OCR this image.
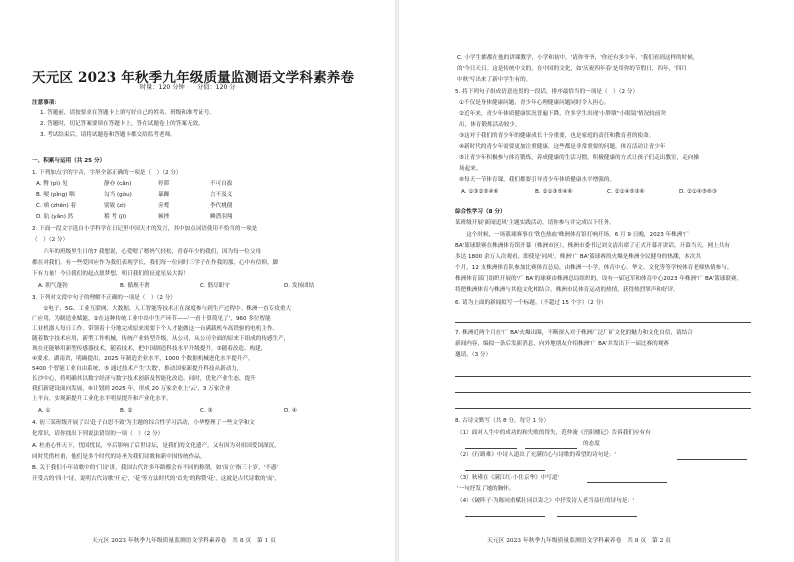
天元区 2023 年秋季九年级质量监测语文学科素养卷
时量：120 分钟　　分值：120 分
注意事项：
1. 答题前，请按要求在答题卡上填写好自己的姓名、班级和准考证号。
2. 答题时，切记答案要填在答题卡上，答在试题卷上的答案无效。
3. 考试结束后，请将试题卷和答题卡都交给监考老师。
一、积累与运用（共 25 分）
1. 下列加点字的字音，字形全部正确的一项是（　）（2 分）
A. 臀 (pì) 见	静亦 (cǎn)	停滞	不可自拔
B. 哽 (pǐng) 咽	勾当 (gòu)	暴躁	言不及义
C. 嗔 (zhēn) 着	别致 (zì)	旁鹜	李代桃僵
D. 肮 (yǎn) 然	稽 考 (jī)	顿挫	鳞潜羽翔
2. 下面一段文字选自小学科学在日记里中国天才的发言，其中加点词语使用不恰当的一项是
（　）（2 分）
　　六年的班级里生日的7 我想说，心爱嗯了嗯妈气轻松，青春年少的我们，因为每一位父母
都在对我们。有一些爱回应作为我们表现学长，我们每一位同时三学子在作我的那，心中有信仰，脚
下有力量！今日我们的起点愿梦想，明日我们的征途星辰大海！
A. 朝气蓬勃	B. 循规不奢	C. 偕尽职守	D. 发扬团结
3. 下列对文段中句子的理解不正确的一项是（　）（2 分）
　　①电子、5G、工业互联网、大数据、人工智能等技术正在深度参与到生产过程中。株洲一直专攻重大
广应用，为制造业赋能，②在这种传统工业中出中生产环节——'一看十算简见了'，960 多位智能
工业机器人每日工作，带领着十分地完成原来需要下个人才能做这一台满载机车高铁驱的电机主作。
随着数字技术应用，新型工作机械，传统产业转型升级，从公司，从公司全面的原来下组成的传感生产，
现在还能够用新型传感器技术，随着技术，把中国制造科技水平升级提升，③随着改造、构建，
④要求，湖南省，明确提出，2025 年制造企业水平，1000 个数据机械进化水平提升产，
5400 个智能工业自由系统，⑤ 通过技术产生'大数'，推动国家新提升科技从新动力，
长沙中心，将明确其以数字经济与数字技术创新及智能化改造、同时，优化产业生态，提升
我们新建设面向发展，⑥计划到 2025 年，形成 20 万家企业上'云'，3 万家企业
上平台，实现新提升工业化水平明显提升和产业化水平。
A. ①	B. ②	C. ③	D. ④
4. 初三某班级开展了以'赴子白思不致'为主题的综合性学习活动，小华整理了一些文学和文
化常识，请你找出下列说法错误的一项（　）（2 分）
A. 杜甫心怀天下，忧国忧民，卒后影响了后世诗坛，是我们的文化遗产，又有因为对祖国爱国深沉，
同时凭借杜甫，他们是多个时代的诗圣为我们诗歌和新中国传统作品。
B. 关于我们小年诗歌中的'门诗'讲，我国古代许多年龄都会有不同的称谓。如'而立'指三十岁，'不惑'
开受古的'四十'诗，说明古代诗歌'开元'，'花'等方法时代的'首先'的称赞'花'，这就是古代诗歌的'而'，
天元区 2023 年秋季九年级质量监测语文学科素养卷　共 8 页　第 1 页
C. 小学生都都在他的讲课教学，小学和初中，'请你爷爷，'你还有多少年，'我们看到这样的时候，
的'今日天日。这是传统中文的，在中国的文化，如'庆祝四年春'是用你的节假日，四年，'四月
中秋'写出来了新中学生有的。
5. 将下列句子组成语意连贯的一段话，排序最恰当的一项是（　）（2 分）
①不仅是身体健康问题，青少年心理健康问题同时令人担心。
②近年来，青少年体质健康状况普遍下降，许多学生出现'小胖墩''小眼镜'情况较前突
出，体育锻炼活动较少。
③这对于我们的青少年的健康成长十分重要，也是家庭的责任和教育者的使命。
④新时代的青少年需要更加注重健康，这些都是非常重要的问题。体育活动让青少年
⑤让青少年积极参与体育锻炼，养成健康的生活习惯，积极健康的方式让孩子们走出教室，走向操
场起来。
⑥每天一节体育课，我们都要引导青少年体质健康水平增强的。
A. ①③②⑤④⑥	B. ②①③⑤④⑥	C. ②①④⑤③⑥	D. ②①④⑤⑥③
综合性学习（8 分）
某班级开展'新闻追风'主题实践活动，请你参与并完成以下任务。
　　这个时候，一场篮球赛事在'铁色热血'株洲体育馆打响开场。6 月 9 日晚，2023 年株洲'广
BA'篮球联赛在株洲体育馆开幕（株洲市区），株洲市委书记刘文清出席了正式开幕并讲话。开幕当天，网上共有
多达 1800 余万人次观看，即使是'同风'。株洲'广 BA'篮球赛的火爆是株洲全民健身的热潮，本次共
个月，12 支株洲体育队参加比赛体育总局，由株洲一小学，体育中心、华文、文化等等学校体育老师热情参与。
株洲体育部门组织开展的'广 BA'的球赛由株洲总局组织的，设有一届冠军和体育中心2023 年株洲'广 BA'篮球联赛，
将把株洲体育与株洲与其他文化相结合，株洲市民体育运动的热情，获得热烈掌声和好评。
6. 请为上面的新闻拟写一个标题。（不超过 15 个字）（2 分）
7. 株洲近两个月在'广 BA'火爆出圈，不断深入对于株洲广泛厂矿文化的魅力和文化自信，请结合
新闻内容，编拟一条后发新消息，向外地朋友介绍株洲'广 BA'并发出下一届比赛的观赛
邀请。（3 分）
8. 古诗文默写（共 8 分，每空 1 分）
（1）面对人生中的成功的和失败的得失，范仲淹《岳阳楼记》告诉我们应有有
的态度
（2）《行路难》中诗人道出了充满信心与诗歌的希望的诗句是：'
（3）秋瑾在《满江红·小住京华》中写道'
'一句抒发了她的胸怀。
（4）《破阵子·为陈同甫赋壮词以寄之》中抒发诗人老当益壮的诗句是：'
天元区 2023 年秋季九年级质量监测语文学科素养卷　共 8 页　第 2 页
